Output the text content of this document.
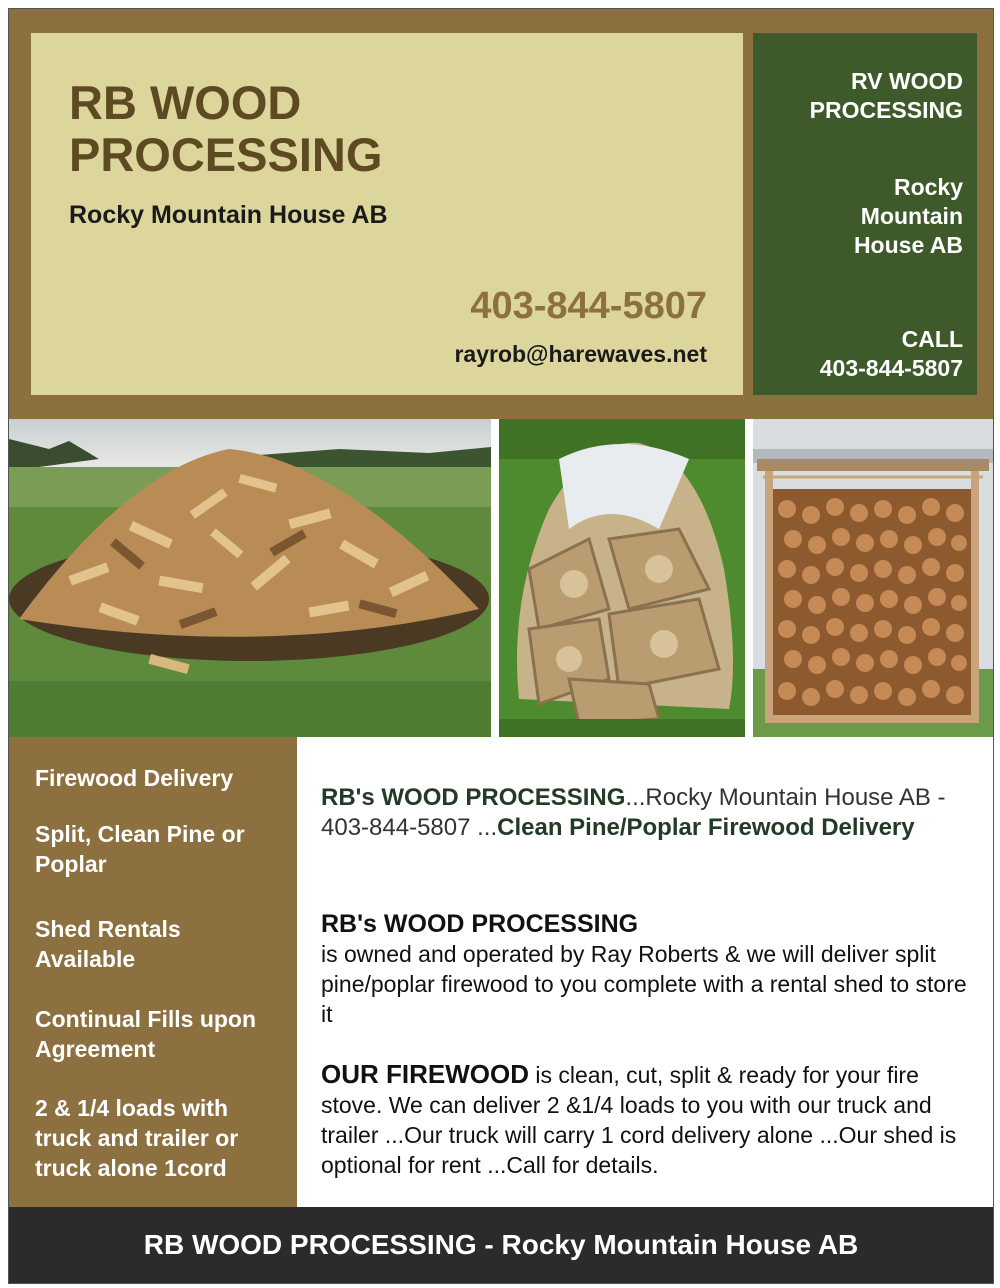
RB WOOD PROCESSING
Rocky Mountain House AB
403-844-5807
rayrob@harewaves.net
RV WOOD PROCESSING
Rocky Mountain House AB
CALL
403-844-5807
Firewood Delivery
Split, Clean Pine or Poplar
Shed Rentals Available
Continual Fills upon Agreement
2 & 1/4 loads with truck and trailer or truck alone 1cord
RB's WOOD PROCESSING...Rocky Mountain House AB - 403-844-5807 ...Clean Pine/Poplar Firewood Delivery
RB's WOOD PROCESSING
is owned and operated by Ray Roberts & we will deliver split pine/poplar firewood to you complete with a rental shed to store it
OUR FIREWOOD is clean, cut, split & ready for your fire stove. We can deliver 2 &1/4 loads to you with our truck and trailer ...Our truck will carry 1 cord delivery alone ...Our shed is optional for rent ...Call for details.
RB WOOD PROCESSING - Rocky Mountain House AB
